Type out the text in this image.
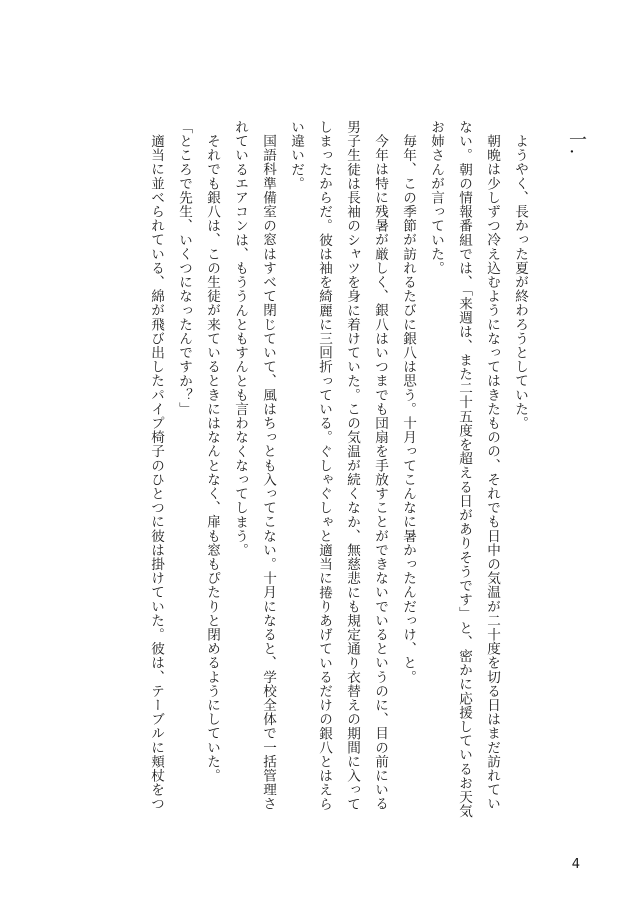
一.

ようやく、長かった夏が終わろうとしていた。

朝晩は少しずつ冷え込むようになってはきたものの、それでも日中の気温が二十度を切る日はまだ訪れていない。朝の情報番組では、「来週は、また二十五度を超える日がありそうです」と、密かに応援しているお天気お姉さんが言っていた。

毎年、この季節が訪れるたびに銀八は思う。十月ってこんなに暑かったんだっけ、と。

今年は特に残暑が厳しく、銀八はいつまでも団扇を手放すことができないでいるというのに、目の前にいる男子生徒は長袖のシャツを身に着けていた。この気温が続くなか、無慈悲にも規定通り衣替えの期間に入ってしまったからだ。彼は袖を綺麗に三回折っている。ぐしゃぐしゃと適当に捲りあげているだけの銀八とはえらい違いだ。

国語科準備室の窓はすべて閉じていて、風はちっとも入ってこない。十月になると、学校全体で一括管理されているエアコンは、もううんともすんとも言わなくなってしまう。

それでも銀八は、この生徒が来ているときにはなんとなく、扉も窓もぴたりと閉めるようにしていた。

「ところで先生、いくつになったんですか？」

適当に並べられている、綿が飛び出したパイプ椅子のひとつに彼は掛けていた。彼は、テーブルに頬杖をつ

4
